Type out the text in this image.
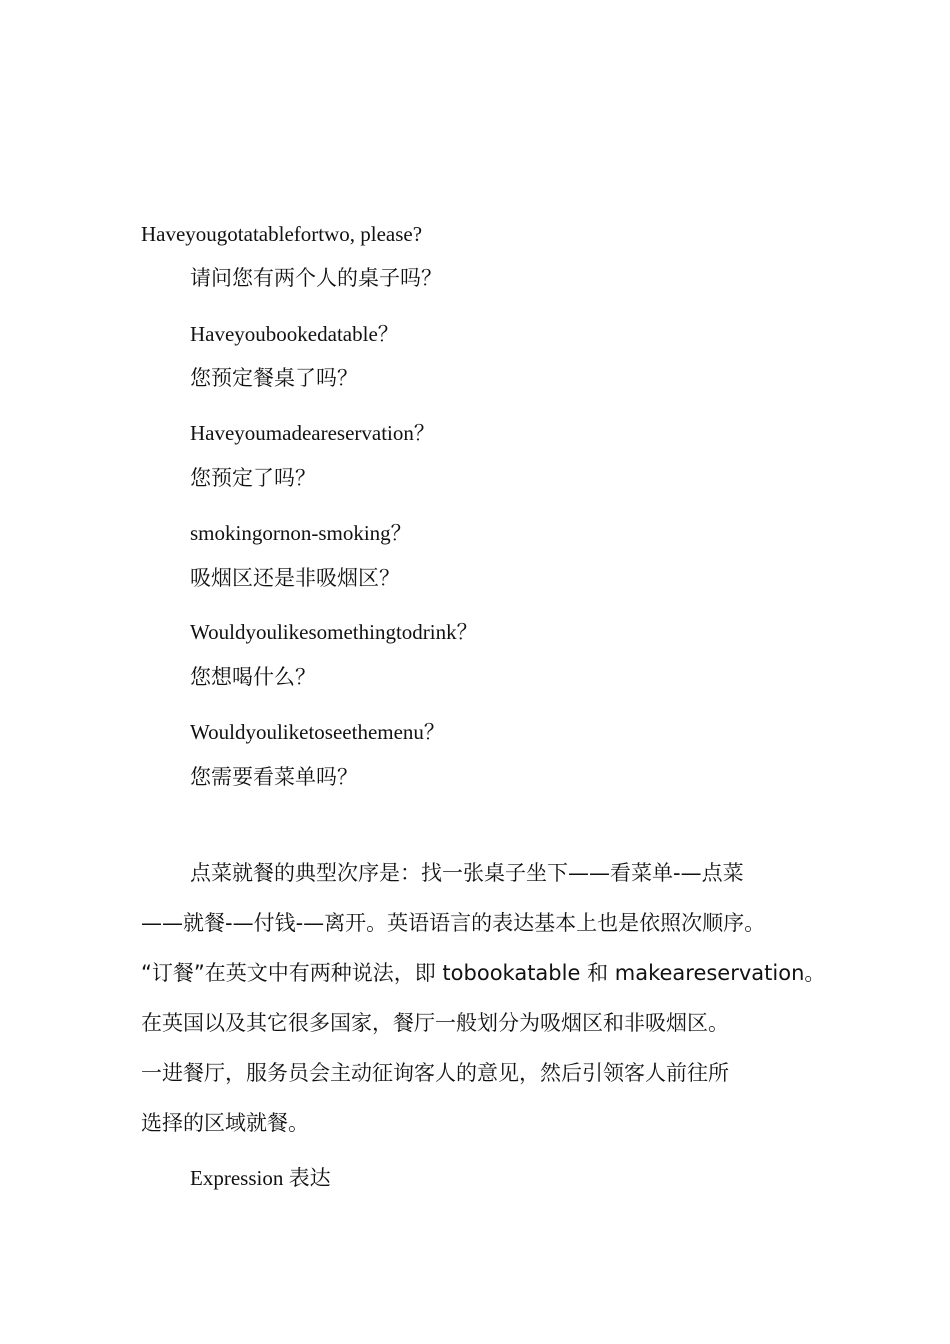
Haveyougotatablefortwo, please?
请问您有两个人的桌子吗？
Haveyoubookedatable？
您预定餐桌了吗？
Haveyoumadeareservation？
您预定了吗？
smokingornon-smoking？
吸烟区还是非吸烟区？
Wouldyoulikesomethingtodrink？
您想喝什么？
Wouldyouliketoseethemenu？
您需要看菜单吗？

点菜就餐的典型次序是：找一张桌子坐下——看菜单-—点菜

——就餐-—付钱-—离开。英语语言的表达基本上也是依照次顺序。

“订餐”在英文中有两种说法，即 tobookatable 和 makeareservation。

在英国以及其它很多国家，餐厅一般划分为吸烟区和非吸烟区。

一进餐厅，服务员会主动征询客人的意见，然后引领客人前往所

选择的区域就餐。

Expression 表达
